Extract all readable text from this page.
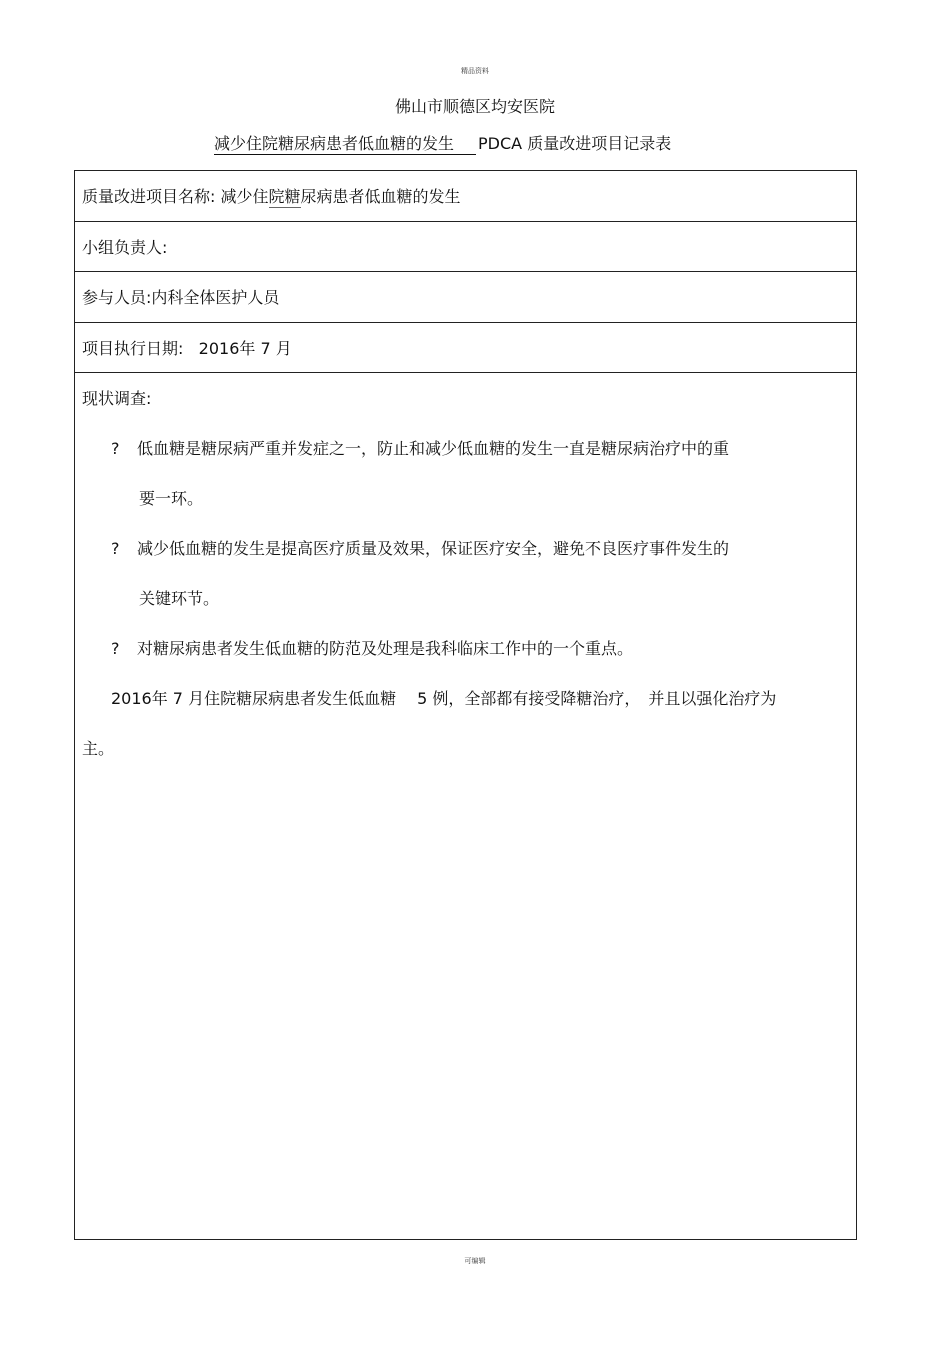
精品资料
佛山市顺德区均安医院
减少住院糖尿病患者低血糖的发生 PDCA 质量改进项目记录表
质量改进项目名称: 减少住院糖尿病患者低血糖的发生
小组负责人:
参与人员:内科全体医护人员
项目执行日期: 2016年 7 月
现状调查:
? 低血糖是糖尿病严重并发症之一，防止和减少低血糖的发生一直是糖尿病治疗中的重
要一环。
? 减少低血糖的发生是提高医疗质量及效果，保证医疗安全，避免不良医疗事件发生的
关键环节。
? 对糖尿病患者发生低血糖的防范及处理是我科临床工作中的一个重点。
2016年 7 月住院糖尿病患者发生低血糖　 5 例，全部都有接受降糖治疗，　并且以强化治疗为
主。
可编辑
